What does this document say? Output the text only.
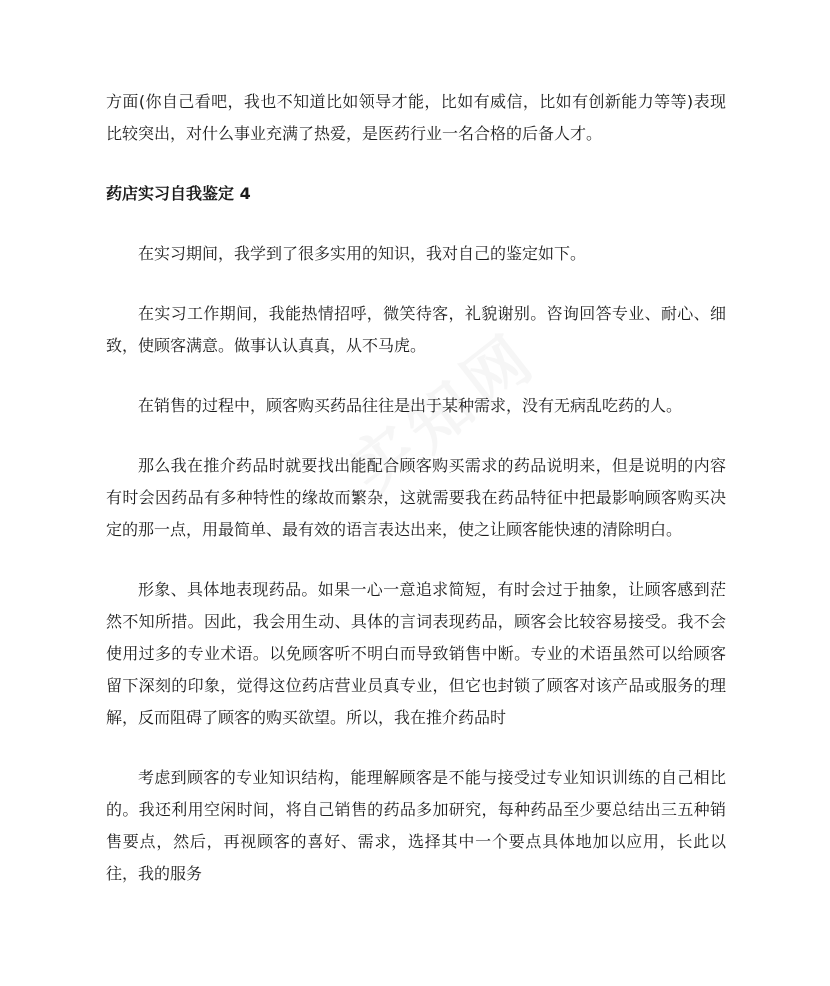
方面(你自己看吧，我也不知道比如领导才能，比如有威信，比如有创新能力等等)表现比较突出，对什么事业充满了热爱，是医药行业一名合格的后备人才。

药店实习自我鉴定 4

在实习期间，我学到了很多实用的知识，我对自己的鉴定如下。

在实习工作期间，我能热情招呼，微笑待客，礼貌谢别。咨询回答专业、耐心、细致，使顾客满意。做事认认真真，从不马虎。

在销售的过程中，顾客购买药品往往是出于某种需求，没有无病乱吃药的人。

那么我在推介药品时就要找出能配合顾客购买需求的药品说明来，但是说明的内容有时会因药品有多种特性的缘故而繁杂，这就需要我在药品特征中把最影响顾客购买决定的那一点，用最简单、最有效的语言表达出来，使之让顾客能快速的清除明白。

形象、具体地表现药品。如果一心一意追求简短，有时会过于抽象，让顾客感到茫然不知所措。因此，我会用生动、具体的言词表现药品，顾客会比较容易接受。我不会使用过多的专业术语。以免顾客听不明白而导致销售中断。专业的术语虽然可以给顾客留下深刻的印象，觉得这位药店营业员真专业，但它也封锁了顾客对该产品或服务的理解，反而阻碍了顾客的购买欲望。所以，我在推介药品时

考虑到顾客的专业知识结构，能理解顾客是不能与接受过专业知识训练的自己相比的。我还利用空闲时间，将自己销售的药品多加研究，每种药品至少要总结出三五种销售要点，然后，再视顾客的喜好、需求，选择其中一个要点具体地加以应用，长此以往，我的服务
